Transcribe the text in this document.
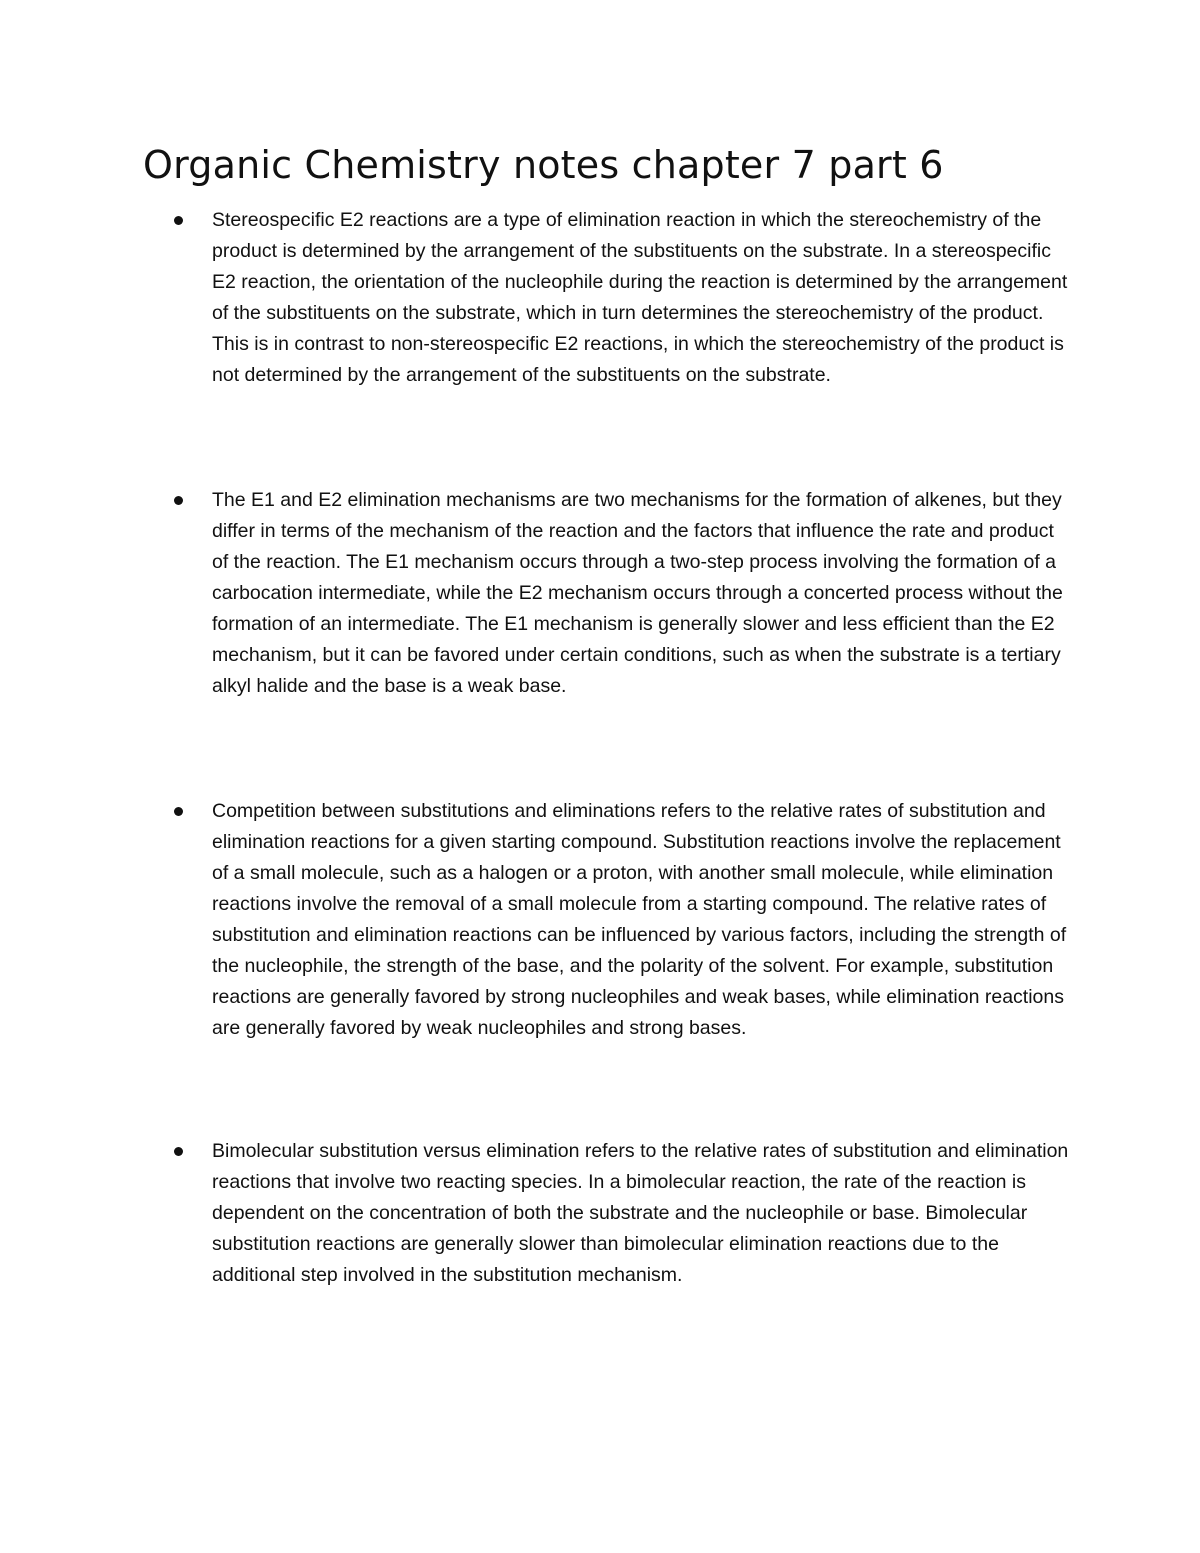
Organic Chemistry notes chapter 7 part 6
Stereospecific E2 reactions are a type of elimination reaction in which the stereochemistry of the product is determined by the arrangement of the substituents on the substrate. In a stereospecific E2 reaction, the orientation of the nucleophile during the reaction is determined by the arrangement of the substituents on the substrate, which in turn determines the stereochemistry of the product. This is in contrast to non-stereospecific E2 reactions, in which the stereochemistry of the product is not determined by the arrangement of the substituents on the substrate.
The E1 and E2 elimination mechanisms are two mechanisms for the formation of alkenes, but they differ in terms of the mechanism of the reaction and the factors that influence the rate and product of the reaction. The E1 mechanism occurs through a two-step process involving the formation of a carbocation intermediate, while the E2 mechanism occurs through a concerted process without the formation of an intermediate. The E1 mechanism is generally slower and less efficient than the E2 mechanism, but it can be favored under certain conditions, such as when the substrate is a tertiary alkyl halide and the base is a weak base.
Competition between substitutions and eliminations refers to the relative rates of substitution and elimination reactions for a given starting compound. Substitution reactions involve the replacement of a small molecule, such as a halogen or a proton, with another small molecule, while elimination reactions involve the removal of a small molecule from a starting compound. The relative rates of substitution and elimination reactions can be influenced by various factors, including the strength of the nucleophile, the strength of the base, and the polarity of the solvent. For example, substitution reactions are generally favored by strong nucleophiles and weak bases, while elimination reactions are generally favored by weak nucleophiles and strong bases.
Bimolecular substitution versus elimination refers to the relative rates of substitution and elimination reactions that involve two reacting species. In a bimolecular reaction, the rate of the reaction is dependent on the concentration of both the substrate and the nucleophile or base. Bimolecular substitution reactions are generally slower than bimolecular elimination reactions due to the additional step involved in the substitution mechanism.
